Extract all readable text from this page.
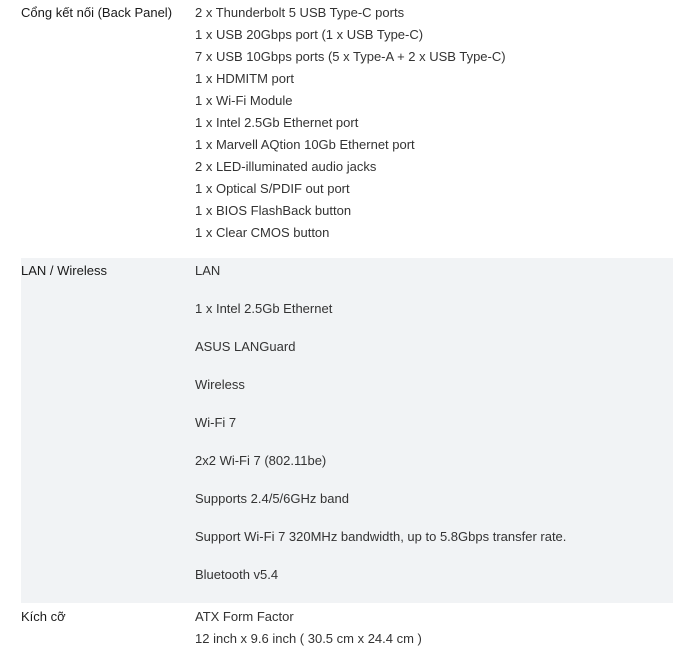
Cổng kết nối (Back Panel)	2 x Thunderbolt 5 USB Type-C ports
1 x USB 20Gbps port (1 x USB Type-C)
7 x USB 10Gbps ports (5 x Type-A + 2 x USB Type-C)
1 x HDMITM port
1 x Wi-Fi Module
1 x Intel 2.5Gb Ethernet port
1 x Marvell AQtion 10Gb Ethernet port
2 x LED-illuminated audio jacks
1 x Optical S/PDIF out port
1 x BIOS FlashBack button
1 x Clear CMOS button
LAN / Wireless	LAN
1 x Intel 2.5Gb Ethernet
ASUS LANGuard
Wireless
Wi-Fi 7
2x2 Wi-Fi 7 (802.11be)
Supports 2.4/5/6GHz band
Support Wi-Fi 7 320MHz bandwidth, up to 5.8Gbps transfer rate.
Bluetooth v5.4
Kích cỡ	ATX Form Factor
12 inch x 9.6 inch ( 30.5 cm x 24.4 cm )
